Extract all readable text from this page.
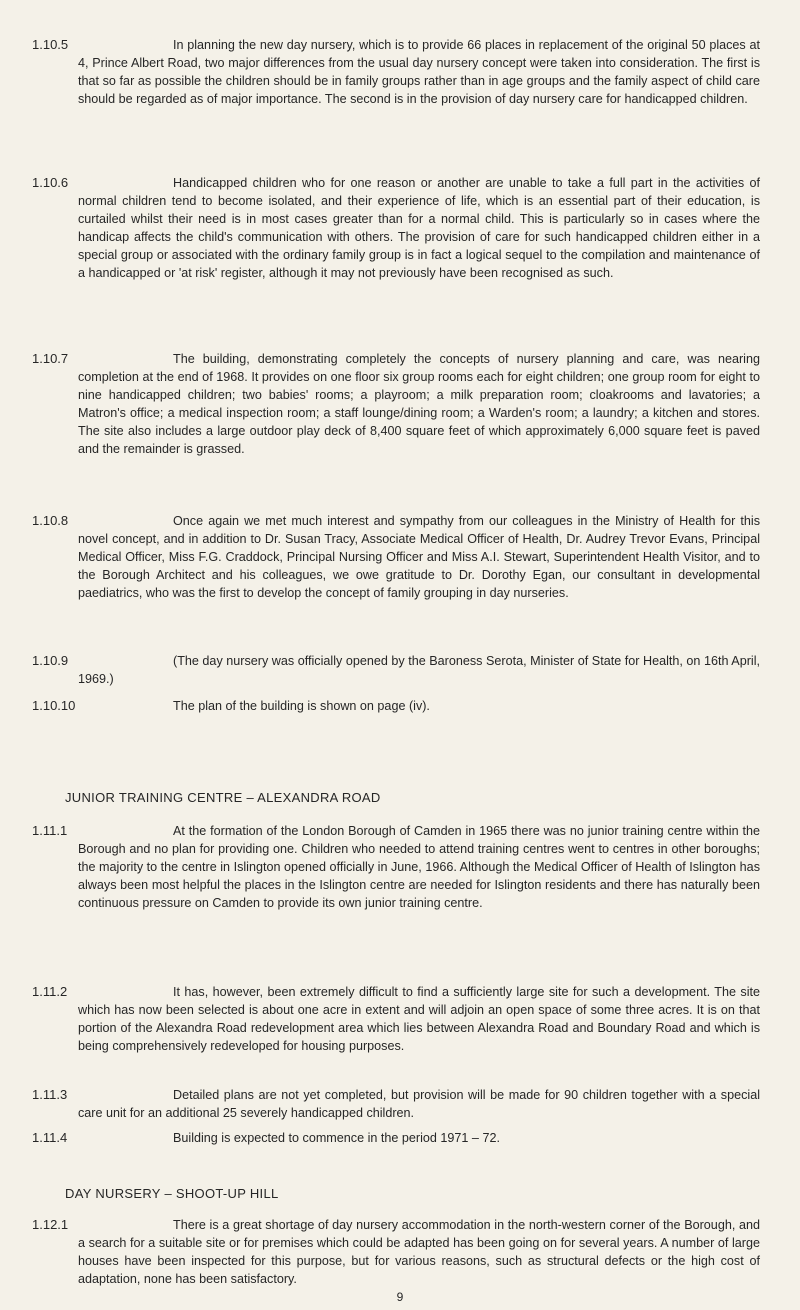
1.10.5	In planning the new day nursery, which is to provide 66 places in replacement of the original 50 places at 4, Prince Albert Road, two major differences from the usual day nursery concept were taken into consideration. The first is that so far as possible the children should be in family groups rather than in age groups and the family aspect of child care should be regarded as of major importance. The second is in the provision of day nursery care for handicapped children.

1.10.6	Handicapped children who for one reason or another are unable to take a full part in the activities of normal children tend to become isolated, and their experience of life, which is an essential part of their education, is curtailed whilst their need is in most cases greater than for a normal child. This is particularly so in cases where the handicap affects the child's communication with others. The provision of care for such handicapped children either in a special group or associated with the ordinary family group is in fact a logical sequel to the compilation and maintenance of a handicapped or 'at risk' register, although it may not previously have been recognised as such.

1.10.7	The building, demonstrating completely the concepts of nursery planning and care, was nearing completion at the end of 1968. It provides on one floor six group rooms each for eight children; one group room for eight to nine handicapped children; two babies' rooms; a playroom; a milk preparation room; cloakrooms and lavatories; a Matron's office; a medical inspection room; a staff lounge/dining room; a Warden's room; a laundry; a kitchen and stores. The site also includes a large outdoor play deck of 8,400 square feet of which approximately 6,000 square feet is paved and the remainder is grassed.

1.10.8	Once again we met much interest and sympathy from our colleagues in the Ministry of Health for this novel concept, and in addition to Dr. Susan Tracy, Associate Medical Officer of Health, Dr. Audrey Trevor Evans, Principal Medical Officer, Miss F.G. Craddock, Principal Nursing Officer and Miss A.I. Stewart, Superintendent Health Visitor, and to the Borough Architect and his colleagues, we owe gratitude to Dr. Dorothy Egan, our consultant in developmental paediatrics, who was the first to develop the concept of family grouping in day nurseries.

1.10.9	(The day nursery was officially opened by the Baroness Serota, Minister of State for Health, on 16th April, 1969.)

1.10.10	The plan of the building is shown on page (iv).

JUNIOR TRAINING CENTRE – ALEXANDRA ROAD
1.11.1	At the formation of the London Borough of Camden in 1965 there was no junior training centre within the Borough and no plan for providing one. Children who needed to attend training centres went to centres in other boroughs; the majority to the centre in Islington opened officially in June, 1966. Although the Medical Officer of Health of Islington has always been most helpful the places in the Islington centre are needed for Islington residents and there has naturally been continuous pressure on Camden to provide its own junior training centre.

1.11.2	It has, however, been extremely difficult to find a sufficiently large site for such a development. The site which has now been selected is about one acre in extent and will adjoin an open space of some three acres. It is on that portion of the Alexandra Road redevelopment area which lies between Alexandra Road and Boundary Road and which is being comprehensively redeveloped for housing purposes.

1.11.3	Detailed plans are not yet completed, but provision will be made for 90 children together with a special care unit for an additional 25 severely handicapped children.

1.11.4	Building is expected to commence in the period 1971 – 72.

DAY NURSERY – SHOOT-UP HILL
1.12.1	There is a great shortage of day nursery accommodation in the north-western corner of the Borough, and a search for a suitable site or for premises which could be adapted has been going on for several years. A number of large houses have been inspected for this purpose, but for various reasons, such as structural defects or the high cost of adaptation, none has been satisfactory.

9
